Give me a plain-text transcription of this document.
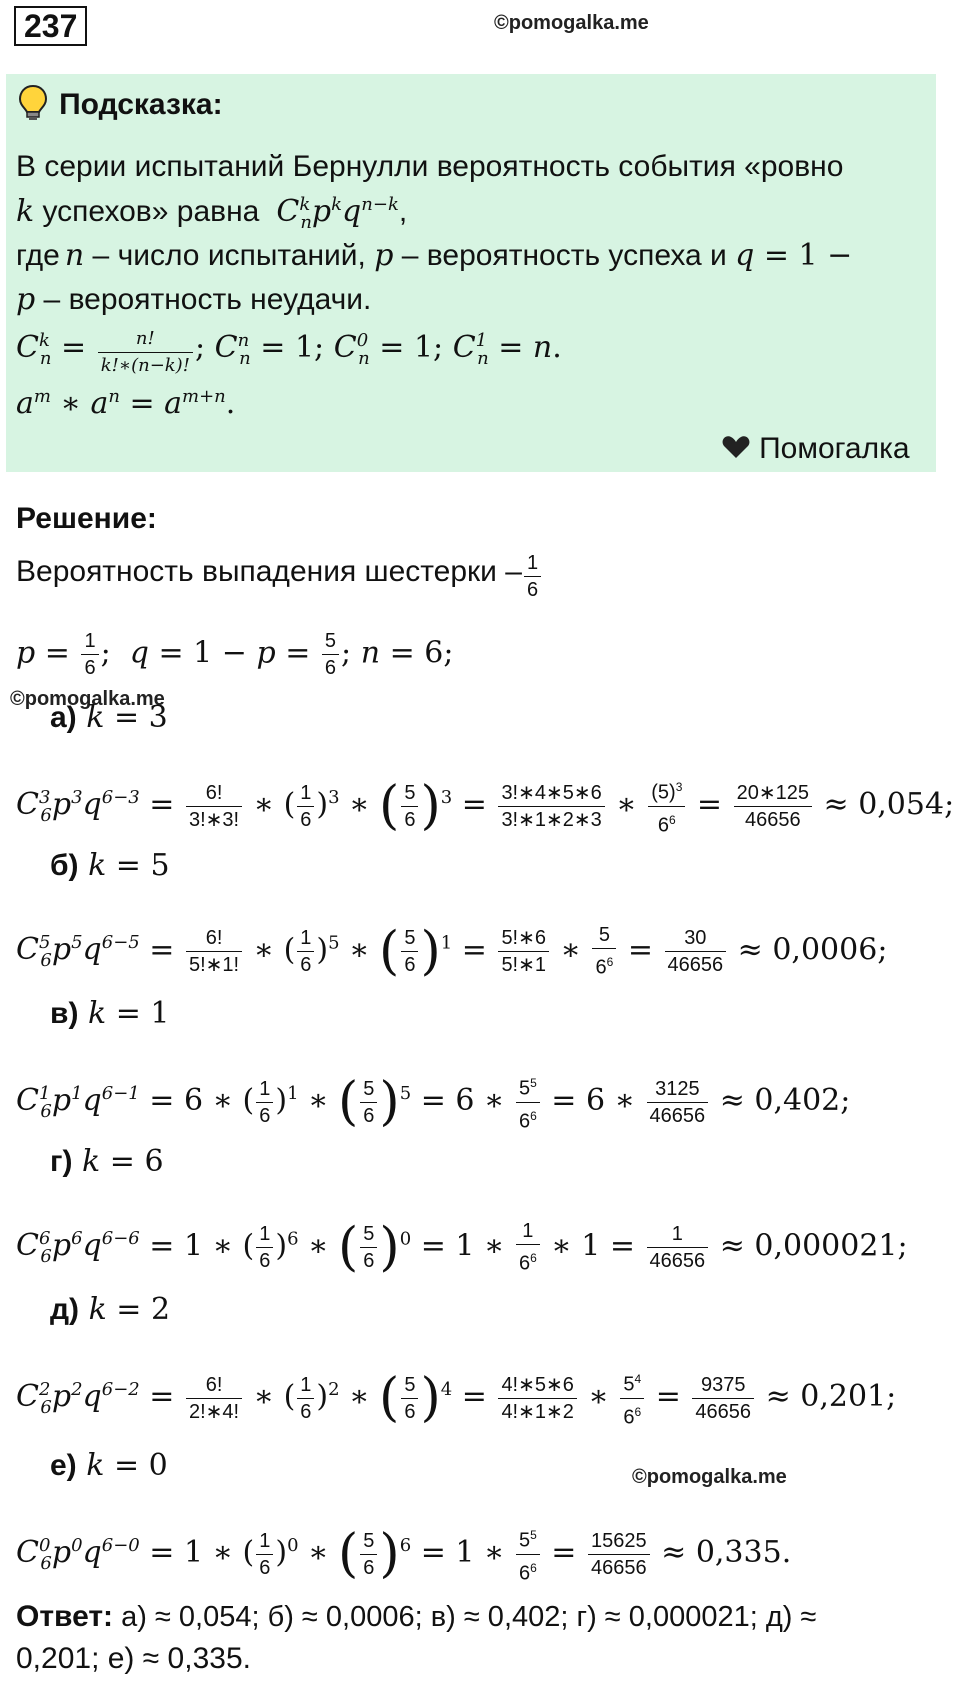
237	©pomogalka.me
Подсказка:
В серии испытаний Бернулли вероятность события «ровно
k успехов» равна $C^k_np^kq^{n-k}$,
где n – число испытаний, p – вероятность успеха и q = 1 −
p – вероятность неудачи.
$C^k_n = \frac{n!}{k!∗(n-k)!}$ ; $C^n_n = 1$; $C^0_n = 1$; $C^1_n = n$.
$a^m$ ∗ $a^n = a^{m+n}$.
Помогалка
Решение:
Вероятность выпадения шестерки – $\frac{1}{6}$
$p = \frac{1}{6}$ ;  $q = 1 - p = \frac{5}{6}$ ; n = 6;
©pomogalka.me
а) k = 3
$C^3_6p^3q^{6-3} = \frac{6!}{3!∗3!}$ ∗ ( $\frac{1}{6} )^3$ ∗ ( $\frac{5}{6} )^3 = \frac{3!∗4∗5∗6}{3!∗1∗2∗3}$ ∗ $\frac{(5)^3}{6^6} = \frac{20∗125}{46656} \approx 0,054$;
б) k = 5
$C^5_6p^5q^{6-5} = \frac{6!}{5!∗1!}$ ∗ ( $\frac{1}{6} )^5$ ∗ ( $\frac{5}{6} )^1 = \frac{5!∗6}{5!∗1}$ ∗ $\frac{5}{6^6} = \frac{30}{46656} \approx 0,0006$;
в) k = 1
$C^1_6p^1q^{6-1} = 6$ ∗ ( $\frac{1}{6} )^1$ ∗ ( $\frac{5}{6} )^5 = 6$ ∗ $\frac{5^5}{6^6} = 6$ ∗ $\frac{3125}{46656} \approx 0,402$;
г) k = 6
$C^6_6p^6q^{6-6} = 1$ ∗ ( $\frac{1}{6} )^6$ ∗ ( $\frac{5}{6} )^0 = 1$ ∗ $\frac{1}{6^6}$ ∗ $1 = \frac{1}{46656} \approx 0,000021$;
д) k = 2
$C^2_6p^2q^{6-2} = \frac{6!}{2!∗4!}$ ∗ ( $\frac{1}{6} )^2$ ∗ ( $\frac{5}{6} )^4 = \frac{4!∗5∗6}{4!∗1∗2}$ ∗ $\frac{5^4}{6^6} = \frac{9375}{46656} \approx 0,201$;
е) k = 0	©pomogalka.me
$C^0_6p^0q^{6-0} = 1$ ∗ ( $\frac{1}{6} )^0$ ∗ ( $\frac{5}{6} )^6 = 1$ ∗ $\frac{5^5}{6^6} = \frac{15625}{46656} \approx 0,335$.
Ответ: а) ≈ 0,054; б) ≈ 0,0006; в) ≈ 0,402; г) ≈ 0,000021; д) ≈
0,201; е) ≈ 0,335.
